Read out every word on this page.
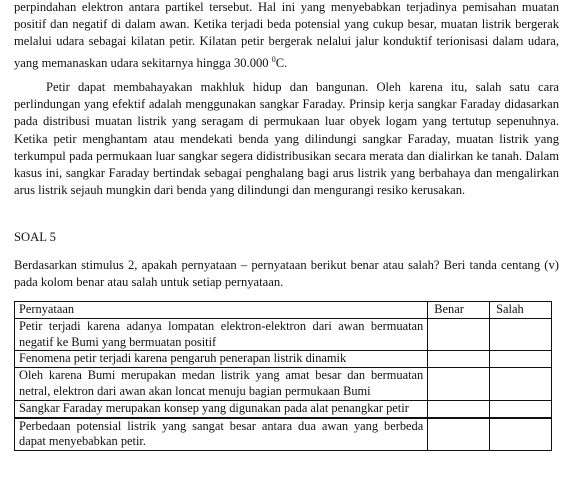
perpindahan elektron antara partikel tersebut. Hal ini yang menyebabkan terjadinya pemisahan muatan positif dan negatif di dalam awan. Ketika terjadi beda potensial yang cukup besar, muatan listrik bergerak melalui udara sebagai kilatan petir. Kilatan petir bergerak nelalui jalur konduktif terionisasi dalam udara, yang memanaskan udara sekitarnya hingga 30.000 $^0$C.

Petir dapat membahayakan makhluk hidup dan bangunan. Oleh karena itu, salah satu cara perlindungan yang efektif adalah menggunakan sangkar Faraday. Prinsip kerja sangkar Faraday didasarkan pada distribusi muatan listrik yang seragam di permukaan luar obyek logam yang tertutup sepenuhnya. Ketika petir menghantam atau mendekati benda yang dilindungi sangkar Faraday, muatan listrik yang terkumpul pada permukaan luar sangkar segera didistribusikan secara merata dan dialirkan ke tanah. Dalam kasus ini, sangkar Faraday bertindak sebagai penghalang bagi arus listrik yang berbahaya dan mengalirkan arus listrik sejauh mungkin dari benda yang dilindungi dan mengurangi resiko kerusakan.

SOAL 5

Berdasarkan stimulus 2, apakah pernyataan – pernyataan berikut benar atau salah? Beri tanda centang (v) pada kolom benar atau salah untuk setiap pernyataan.

Pernyataan	Benar	Salah
Petir terjadi karena adanya lompatan elektron-elektron dari awan bermuatan negatif ke Bumi yang bermuatan positif		
Fenomena petir terjadi karena pengaruh penerapan listrik dinamik		
Oleh karena Bumi merupakan medan listrik yang amat besar dan bermuatan netral, elektron dari awan akan loncat menuju bagian permukaan Bumi		
Sangkar Faraday merupakan konsep yang digunakan pada alat penangkar petir		
Perbedaan potensial listrik yang sangat besar antara dua awan yang berbeda dapat menyebabkan petir.		
